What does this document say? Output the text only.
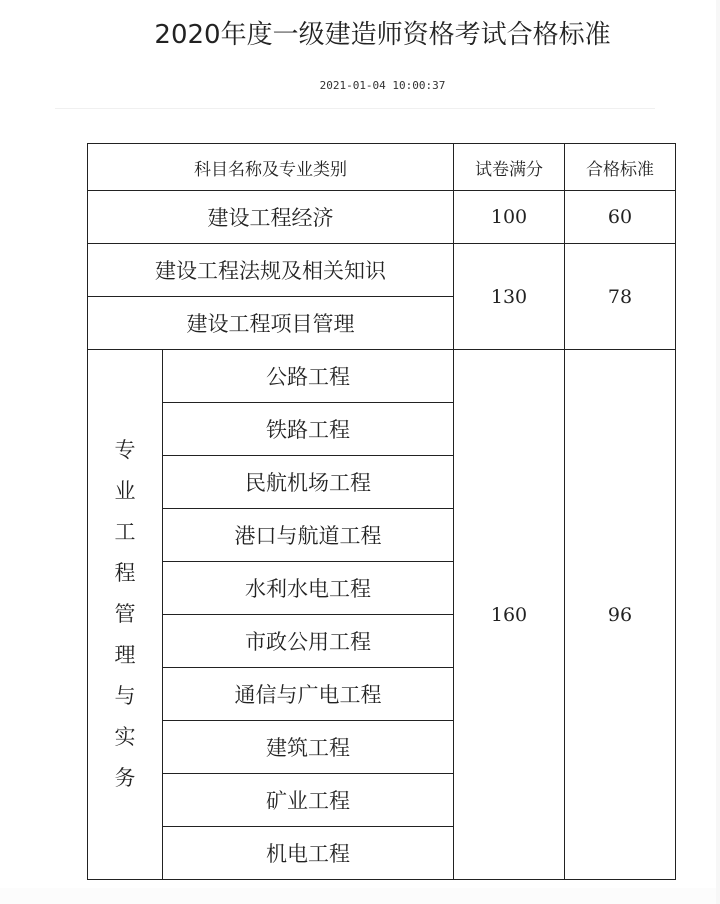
2020年度一级建造师资格考试合格标准
2021-01-04 10:00:37
科目名称及专业类别		试卷满分	合格标准
建设工程经济		100	60
建设工程法规及相关知识		130	78
建设工程项目管理			
专业工程管理与实务	公路工程	160	96
	铁路工程		
	民航机场工程		
	港口与航道工程		
	水利水电工程		
	市政公用工程		
	通信与广电工程		
	建筑工程		
	矿业工程		
	机电工程		
